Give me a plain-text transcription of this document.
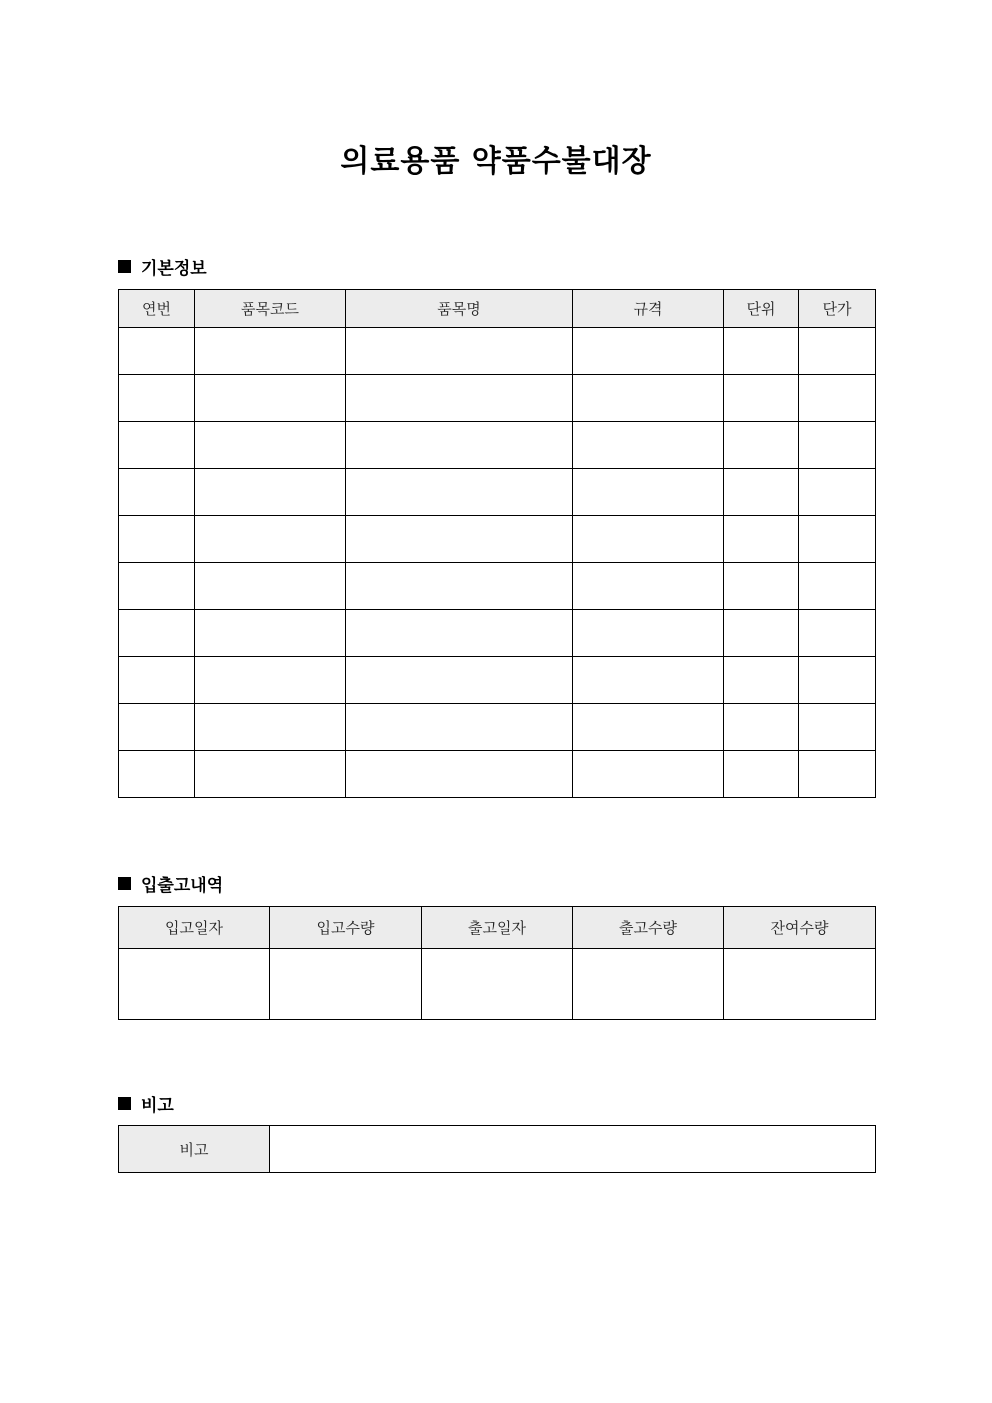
의료용품 약품수불대장
기본정보
연번	품목코드	품목명	규격	단위	단가

입출고내역
입고일자	입고수량	출고일자	출고수량	잔여수량

비고
비고	
